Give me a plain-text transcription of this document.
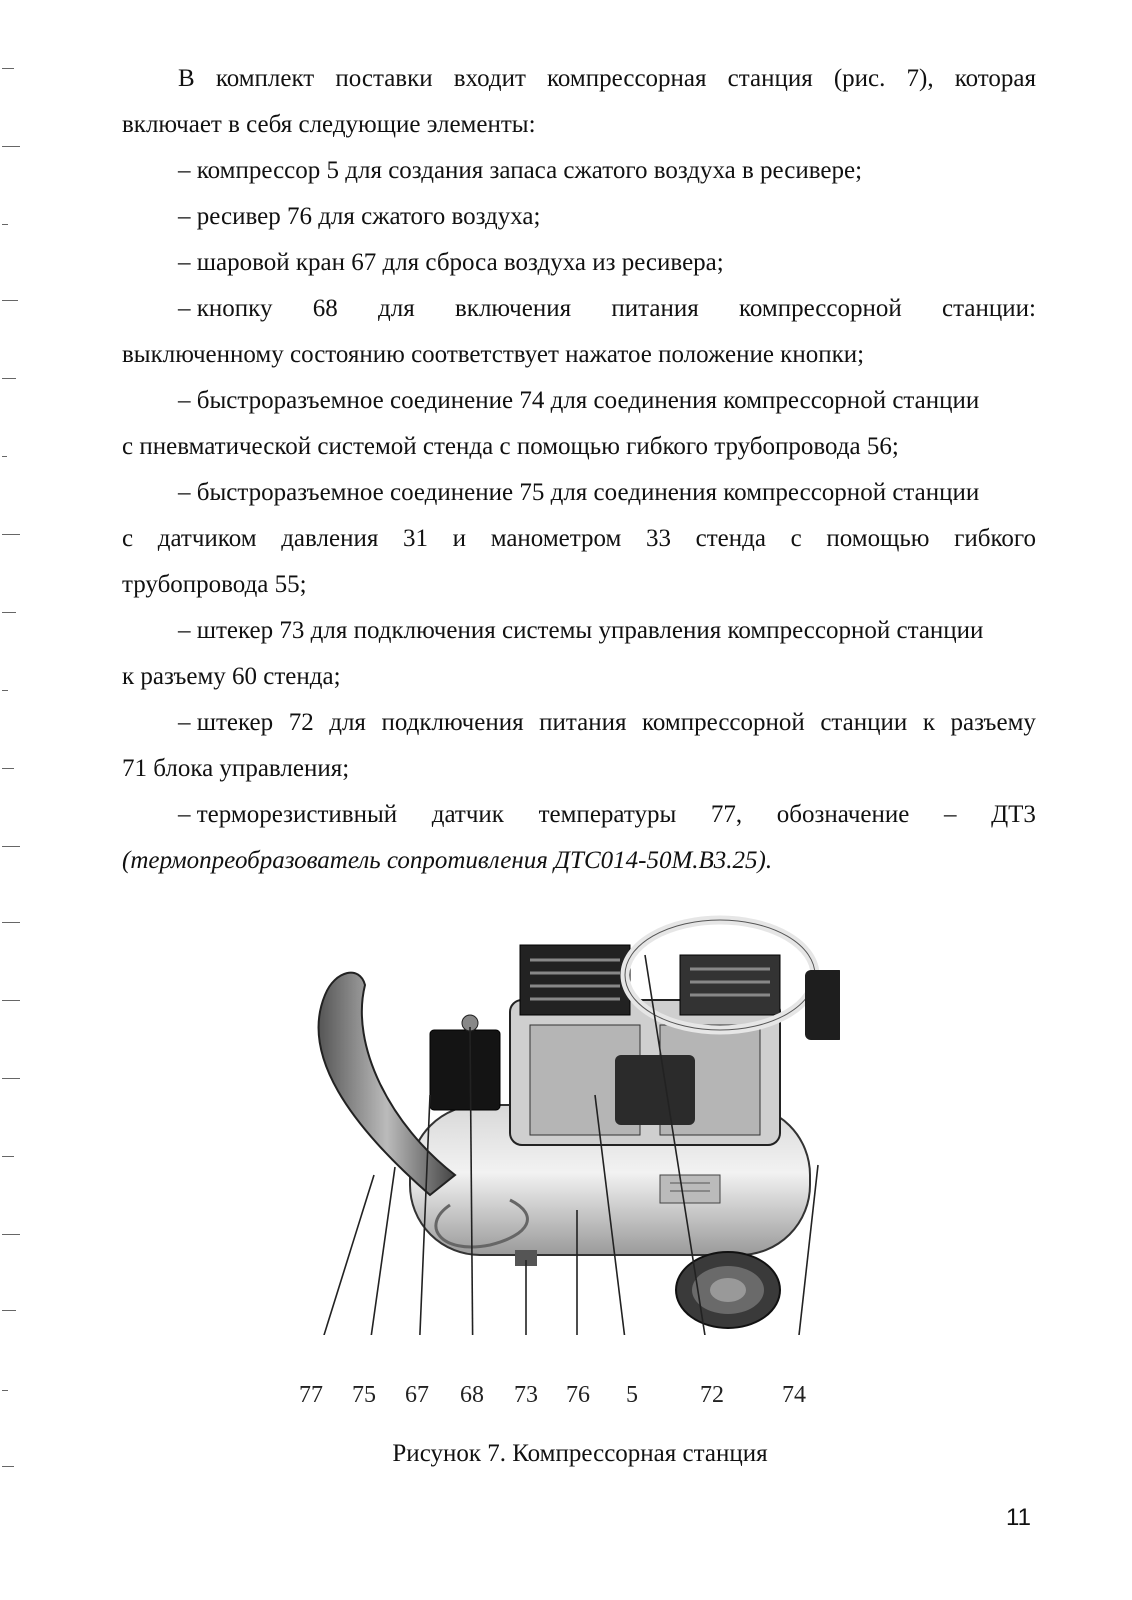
В комплект поставки входит компрессорная станция (рис. 7), которая

включает в себя следующие элементы:

– компрессор 5 для создания запаса сжатого воздуха в ресивере;

– ресивер 76 для сжатого воздуха;

– шаровой кран 67 для сброса воздуха из ресивера;

– кнопку 68 для включения питания компрессорной станции:

выключенному состоянию соответствует нажатое положение кнопки;

– быстроразъемное соединение 74 для соединения компрессорной станции

с пневматической системой стенда с помощью гибкого трубопровода 56;

– быстроразъемное соединение 75 для соединения компрессорной станции

с датчиком давления 31 и манометром 33 стенда с помощью гибкого

трубопровода 55;

– штекер 73 для подключения системы управления компрессорной станции

к разъему 60 стенда;

– штекер 72 для подключения питания компрессорной станции к разъему

71 блока управления;

– терморезистивный датчик температуры 77, обозначение – ДТ3

(термопреобразователь сопротивления ДТС014-50М.В3.25).

77 75 67 68 73 76 5	72 74
Рисунок 7. Компрессорная станция
11
